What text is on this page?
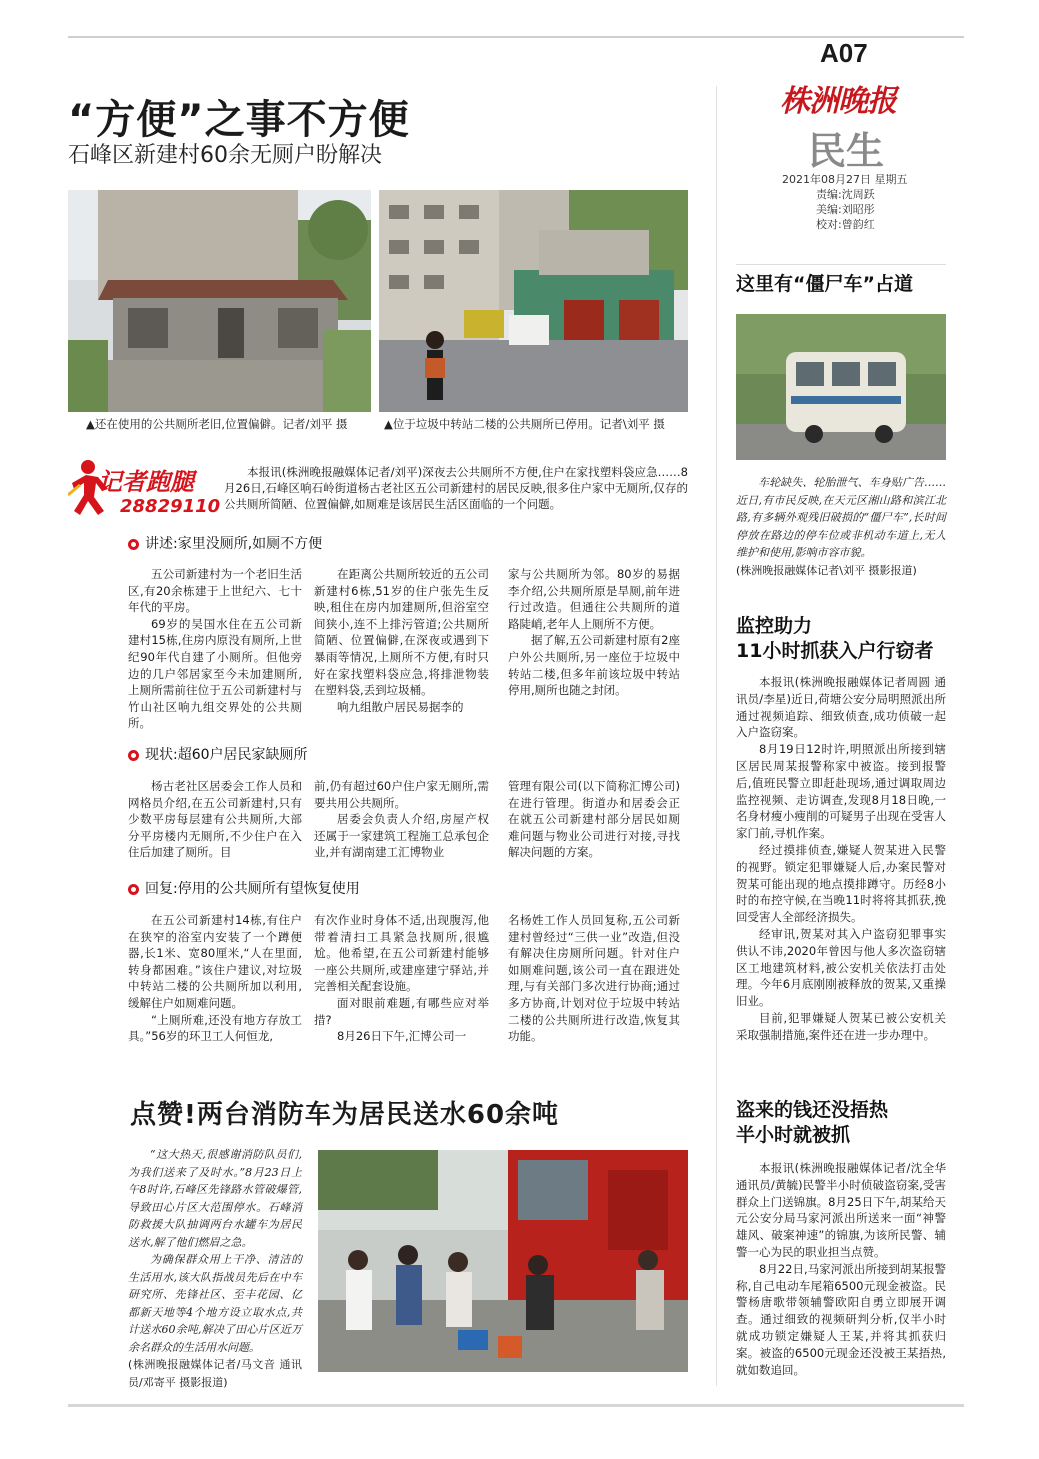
A07
株洲晚报
民生
2021年08月27日 星期五
责编:沈周跃
美编:刘昭彤
校对:曾韵红
“方便”之事不方便
石峰区新建村60余无厕户盼解决
▲还在使用的公共厕所老旧,位置偏僻。记者/刘平 摄	▲位于垃圾中转站二楼的公共厕所已停用。记者\刘平 摄
记者跑腿
28829110
本报讯(株洲晚报融媒体记者/刘平)深夜去公共厕所不方便,住户在家找塑料袋应急……8月26日,石峰区响石岭街道杨古老社区五公司新建村的居民反映,很多住户家中无厕所,仅存的公共厕所简陋、位置偏僻,如厕难是该居民生活区面临的一个问题。
讲述:家里没厕所,如厕不方便

五公司新建村为一个老旧生活区,有20余栋建于上世纪六、七十年代的平房。

69岁的吴国水住在五公司新建村15栋,住房内原没有厕所,上世纪90年代自建了小厕所。但他旁边的几户邻居家至今未加建厕所,上厕所需前往位于五公司新建村与竹山社区响九组交界处的公共厕所。

在距离公共厕所较近的五公司新建村6栋,51岁的住户张先生反映,租住在房内加建厕所,但浴室空间狭小,连不上排污管道;公共厕所简陋、位置偏僻,在深夜或遇到下暴雨等情况,上厕所不方便,有时只好在家找塑料袋应急,将排泄物装在塑料袋,丢到垃圾桶。

响九组散户居民易据李的

家与公共厕所为邻。80岁的易据李介绍,公共厕所原是旱厕,前年进行过改造。但通往公共厕所的道路陡峭,老年人上厕所不方便。

据了解,五公司新建村原有2座户外公共厕所,另一座位于垃圾中转站二楼,但多年前该垃圾中转站停用,厕所也随之封闭。

现状:超60户居民家缺厕所

杨古老社区居委会工作人员和网格员介绍,在五公司新建村,只有少数平房每层建有公共厕所,大部分平房楼内无厕所,不少住户在入住后加建了厕所。目

前,仍有超过60户住户家无厕所,需要共用公共厕所。

居委会负责人介绍,房屋产权还属于一家建筑工程施工总承包企业,并有湖南建工汇博物业

管理有限公司(以下简称汇博公司)在进行管理。街道办和居委会正在就五公司新建村部分居民如厕难问题与物业公司进行对接,寻找解决问题的方案。

回复:停用的公共厕所有望恢复使用

在五公司新建村14栋,有住户在狭窄的浴室内安装了一个蹲便器,长1米、宽80厘米,“人在里面,转身都困难。”该住户建议,对垃圾中转站二楼的公共厕所加以利用,缓解住户如厕难问题。

“上厕所难,还没有地方存放工具。”56岁的环卫工人何恒龙,

有次作业时身体不适,出现腹泻,他带着清扫工具紧急找厕所,很尴尬。他希望,在五公司新建村能够一座公共厕所,或建座建宁驿站,并完善相关配套设施。

面对眼前难题,有哪些应对举措?

8月26日下午,汇博公司一

名杨姓工作人员回复称,五公司新建村曾经过“三供一业”改造,但没有解决住房厕所问题。针对住户如厕难问题,该公司一直在跟进处理,与有关部门多次进行协商;通过多方协商,计划对位于垃圾中转站二楼的公共厕所进行改造,恢复其功能。

点赞!两台消防车为居民送水60余吨

“这大热天,很感谢消防队员们,为我们送来了及时水。”8月23日上午8时许,石峰区先锋路水管破爆管,导致田心片区大范围停水。石峰消防救援大队抽调两台水罐车为居民送水,解了他们燃眉之急。

为确保群众用上干净、清洁的生活用水,该大队指战员先后在中车研究所、先锋社区、至丰花园、亿都新天地等4个地方设立取水点,共计送水60余吨,解决了田心片区近万余名群众的生活用水问题。

(株洲晚报融媒体记者/马文音 通讯员/邓寄平 摄影报道)

这里有“僵尸车”占道

车轮缺失、轮胎泄气、车身贴广告……近日,有市民反映,在天元区湘山路和滨江北路,有多辆外观残旧破损的“僵尸车”,长时间停放在路边的停车位或非机动车道上,无人维护和使用,影响市容市貌。

(株洲晚报融媒体记者\刘平 摄影报道)

监控助力
11小时抓获入户行窃者

本报讯(株洲晚报融媒体记者周圆 通讯员/李星)近日,荷塘公安分局明照派出所通过视频追踪、细致侦查,成功侦破一起入户盗窃案。

8月19日12时许,明照派出所接到辖区居民周某报警称家中被盗。接到报警后,值班民警立即赶赴现场,通过调取周边监控视频、走访调查,发现8月18日晚,一名身材瘦小瘦削的可疑男子出现在受害人家门前,寻机作案。

经过摸排侦查,嫌疑人贺某进入民警的视野。锁定犯罪嫌疑人后,办案民警对贺某可能出现的地点摸排蹲守。历经8小时的布控守候,在当晚11时将将其抓获,挽回受害人全部经济损失。

经审讯,贺某对其入户盗窃犯罪事实供认不讳,2020年曾因与他人多次盗窃辖区工地建筑材料,被公安机关依法打击处理。今年6月底刚刚被释放的贺某,又重操旧业。

目前,犯罪嫌疑人贺某已被公安机关采取强制措施,案件还在进一步办理中。

盗来的钱还没捂热
半小时就被抓

本报讯(株洲晚报融媒体记者/沈全华 通讯员/黄毓)民警半小时侦破盗窃案,受害群众上门送锦旗。8月25日下午,胡某给天元公安分局马家河派出所送来一面“神警雄风、破案神速”的锦旗,为该所民警、辅警一心为民的职业担当点赞。

8月22日,马家河派出所接到胡某报警称,自己电动车尾箱6500元现金被盗。民警杨唐歌带领辅警欧阳自勇立即展开调查。通过细致的视频研判分析,仅半小时就成功锁定嫌疑人王某,并将其抓获归案。被盗的6500元现金还没被王某捂热,就如数追回。
